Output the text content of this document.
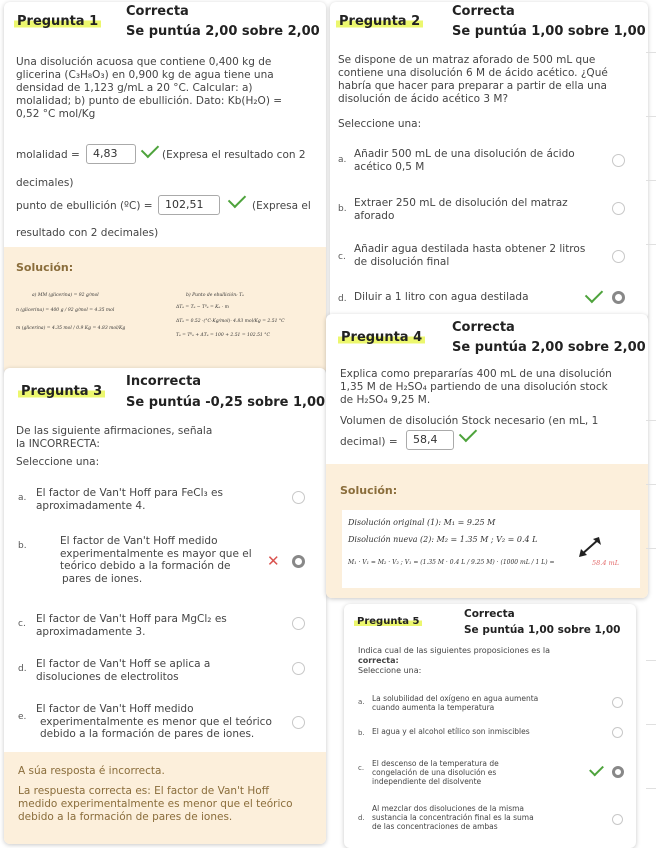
Pregunta 1
Correcta
Se puntúa 2,00 sobre 2,00
Una disolución acuosa que contiene 0,400 kg de
glicerina (C₃H₈O₃) en 0,900 kg de agua tiene una
densidad de 1,123 g/mL a 20 °C. Calcular: a)
molalidad; b) punto de ebullición. Dato: Kb(H₂O) =
0,52 °C mol/Kg
molalidad =	4,83	(Expresa el resultado con 2
decimales)
punto de ebullición (ºC) =	102,51	(Expresa el
resultado con 2 decimales)
Solución:
a) MM (glicerina) = 92 g/mol
n (glicerina) = 400 g / 92 g/mol = 4.35 mol
m (glicerina) = 4.35 mol / 0.9 Kg = 4.83 mol/Kg
b) Punto de ebullición: Tₑ
ΔTₑ = Tₑ − T⁰ₑ = Kₑ · m
ΔTₑ = 0.52 ·(°C·Kg/mol)· 4.83 mol/Kg = 2.51 °C
Tₑ = T⁰ₑ + ΔTₑ = 100 + 2.51 = 102.51 °C
Pregunta 2
Correcta
Se puntúa 1,00 sobre 1,00
Se dispone de un matraz aforado de 500 mL que
contiene una disolución 6 M de ácido acético. ¿Qué
habría que hacer para preparar a partir de ella una
disolución de ácido acético 3 M?
Seleccione una:
a. Añadir 500 mL de una disolución de ácido
acético 0,5 M
b. Extraer 250 mL de disolución del matraz
aforado
c.
Añadir agua destilada hasta obtener 2 litros
de disolución final
d. Diluir a 1 litro con agua destilada
Pregunta 3
Incorrecta
Se puntúa -0,25 sobre 1,00
De las siguiente afirmaciones, señala
la INCORRECTA:
Seleccione una:
a. El factor de Van't Hoff para FeCl₃ es
aproximadamente 4.
b.	El factor de Van't Hoff medido
experimentalmente es mayor que el
teórico debido a la formación de
pares de iones.
✕
c. El factor de Van't Hoff para MgCl₂ es
aproximadamente 3.
d. El factor de Van't Hoff se aplica a
disoluciones de electrolitos
e.
El factor de Van't Hoff medido
experimentalmente es menor que el teórico
debido a la formación de pares de iones.
A súa resposta é incorrecta.
La respuesta correcta es: El factor de Van't Hoff
medido experimentalmente es menor que el teórico
debido a la formación de pares de iones.
Pregunta 4
Correcta
Se puntúa 2,00 sobre 2,00
Explica como prepararías 400 mL de una disolución
1,35 M de H₂SO₄ partiendo de una disolución stock
de H₂SO₄ 9,25 M.
Volumen de disolución Stock necesario (en mL, 1
decimal) =	58,4
Solución:
Disolución original (1): M₁ = 9.25 M
Disolución nueva (2): M₂ = 1.35 M ; V₂ = 0.4 L
M₁ · V₁ = M₂ · V₂ ; V₁ = (1.35 M · 0.4 L / 9.25 M) · (1000 mL / 1 L) =	58.4 mL
Pregunta 5
Correcta
Se puntúa 1,00 sobre 1,00
Indica cual de las siguientes proposiciones es la
correcta:
Seleccione una:
a. La solubilidad del oxígeno en agua aumenta
cuando aumenta la temperatura
b. El agua y el alcohol etílico son inmiscibles
c. El descenso de la temperatura de
congelación de una disolución es
independiente del disolvente
d.
Al mezclar dos disoluciones de la misma
sustancia la concentración final es la suma
de las concentraciones de ambas
